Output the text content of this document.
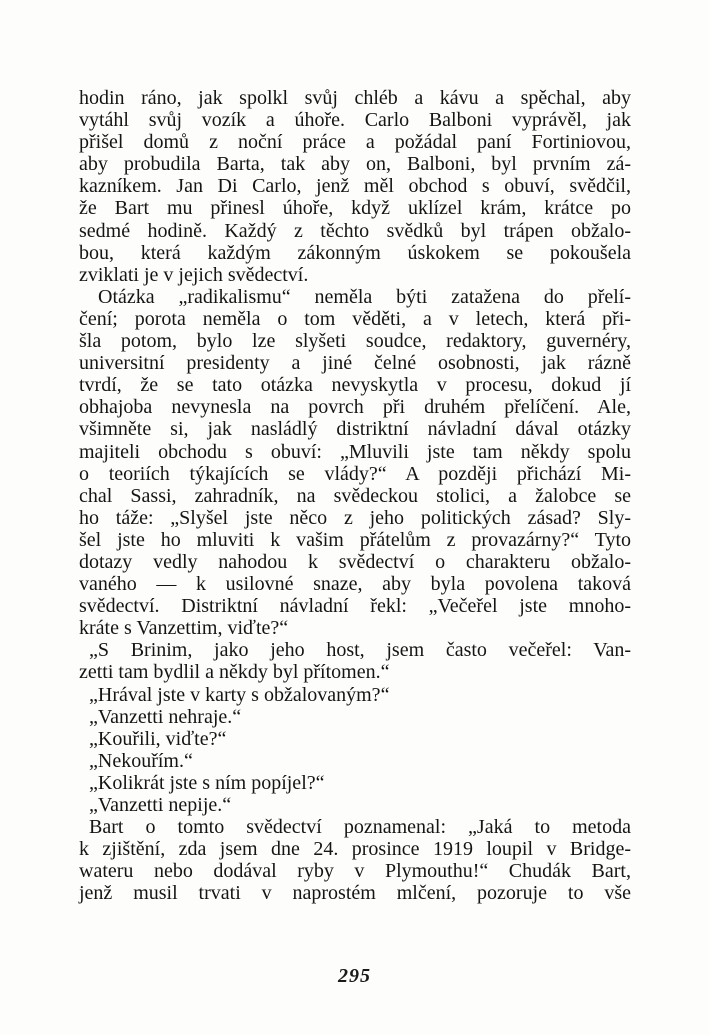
hodin ráno, jak spolkl svůj chléb a kávu a spěchal, aby
vytáhl svůj vozík a úhoře. Carlo Balboni vyprávěl, jak
přišel domů z noční práce a požádal paní Fortiniovou,
aby probudila Barta, tak aby on, Balboni, byl prvním zá-
kazníkem. Jan Di Carlo, jenž měl obchod s obuví, svědčil,
že Bart mu přinesl úhoře, když uklízel krám, krátce po
sedmé hodině. Každý z těchto svědků byl trápen obžalo-
bou, která každým zákonným úskokem se pokoušela
zviklati je v jejich svědectví.
Otázka „radikalismu“ neměla býti zatažena do přelí-
čení; porota neměla o tom věděti, a v letech, která při-
šla potom, bylo lze slyšeti soudce, redaktory, guvernéry,
universitní presidenty a jiné čelné osobnosti, jak rázně
tvrdí, že se tato otázka nevyskytla v procesu, dokud jí
obhajoba nevynesla na povrch při druhém přelíčení. Ale,
všimněte si, jak nasládlý distriktní návladní dával otázky
majiteli obchodu s obuví: „Mluvili jste tam někdy spolu
o teoriích týkajících se vlády?“ A později přichází Mi-
chal Sassi, zahradník, na svědeckou stolici, a žalobce se
ho táže: „Slyšel jste něco z jeho politických zásad? Sly-
šel jste ho mluviti k vašim přátelům z provazárny?“ Tyto
dotazy vedly nahodou k svědectví o charakteru obžalo-
vaného — k usilovné snaze, aby byla povolena taková
svědectví. Distriktní návladní řekl: „Večeřel jste mnoho-
kráte s Vanzettim, viďte?“
„S Brinim, jako jeho host, jsem často večeřel: Van-
zetti tam bydlil a někdy byl přítomen.“
„Hrával jste v karty s obžalovaným?“
„Vanzetti nehraje.“
„Kouřili, viďte?“
„Nekouřím.“
„Kolikrát jste s ním popíjel?“
„Vanzetti nepije.“
Bart o tomto svědectví poznamenal: „Jaká to metoda
k zjištění, zda jsem dne 24. prosince 1919 loupil v Bridge-
wateru nebo dodával ryby v Plymouthu!“ Chudák Bart,
jenž musil trvati v naprostém mlčení, pozoruje to vše
295
